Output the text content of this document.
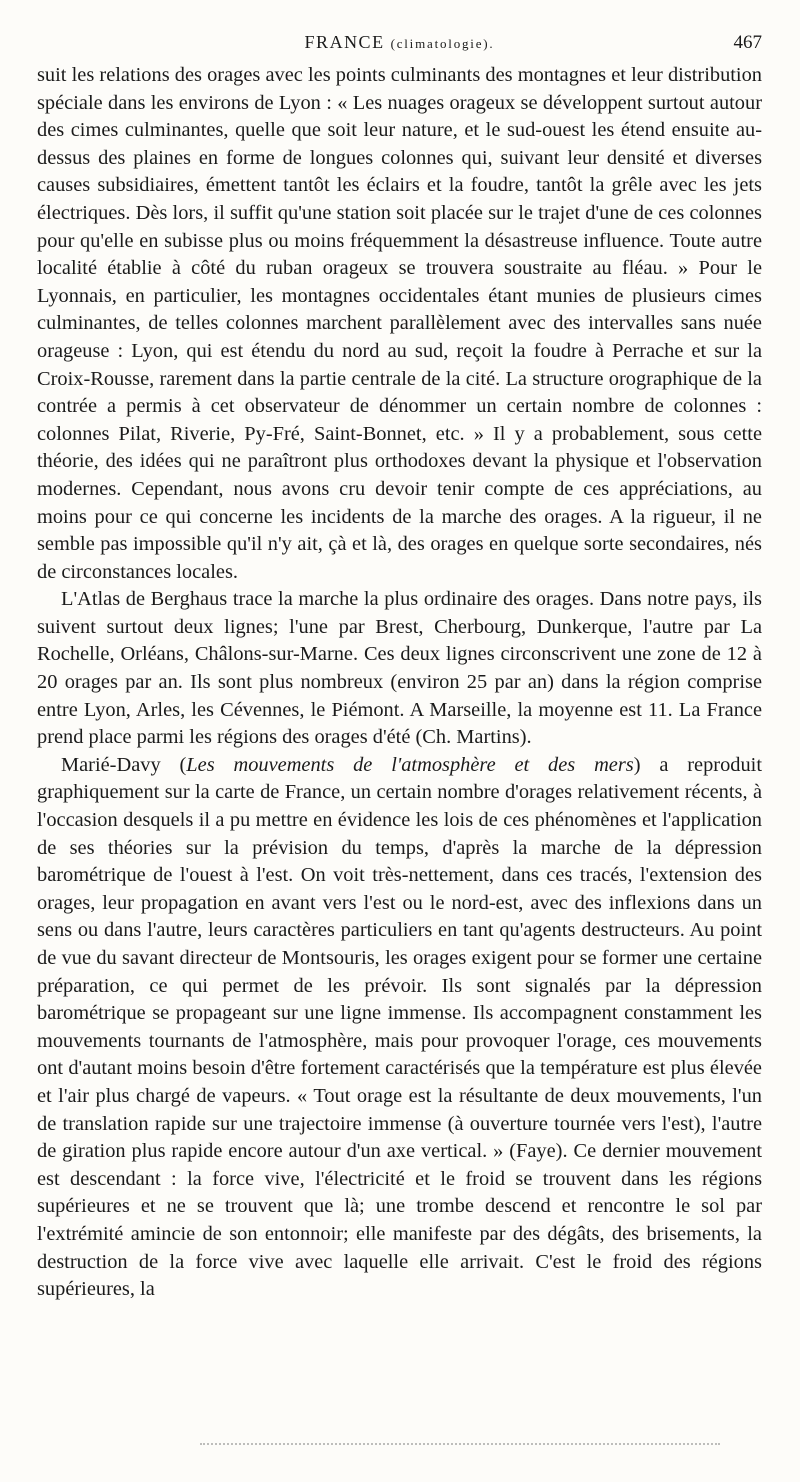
FRANCE (climatologie).	467

suit les relations des orages avec les points culminants des montagnes et leur distribution spéciale dans les environs de Lyon : « Les nuages orageux se développent surtout autour des cimes culminantes, quelle que soit leur nature, et le sud-ouest les étend ensuite au-dessus des plaines en forme de longues colonnes qui, suivant leur densité et diverses causes subsidiaires, émettent tantôt les éclairs et la foudre, tantôt la grêle avec les jets électriques. Dès lors, il suffit qu'une station soit placée sur le trajet d'une de ces colonnes pour qu'elle en subisse plus ou moins fréquemment la désastreuse influence. Toute autre localité établie à côté du ruban orageux se trouvera soustraite au fléau. » Pour le Lyonnais, en particulier, les montagnes occidentales étant munies de plusieurs cimes culminantes, de telles colonnes marchent parallèlement avec des intervalles sans nuée orageuse : Lyon, qui est étendu du nord au sud, reçoit la foudre à Perrache et sur la Croix-Rousse, rarement dans la partie centrale de la cité. La structure orographique de la contrée a permis à cet observateur de dénommer un certain nombre de colonnes : colonnes Pilat, Riverie, Py-Fré, Saint-Bonnet, etc. » Il y a probablement, sous cette théorie, des idées qui ne paraîtront plus orthodoxes devant la physique et l'observation modernes. Cependant, nous avons cru devoir tenir compte de ces appréciations, au moins pour ce qui concerne les incidents de la marche des orages. A la rigueur, il ne semble pas impossible qu'il n'y ait, çà et là, des orages en quelque sorte secondaires, nés de circonstances locales.

L'Atlas de Berghaus trace la marche la plus ordinaire des orages. Dans notre pays, ils suivent surtout deux lignes; l'une par Brest, Cherbourg, Dunkerque, l'autre par La Rochelle, Orléans, Châlons-sur-Marne. Ces deux lignes circonscrivent une zone de 12 à 20 orages par an. Ils sont plus nombreux (environ 25 par an) dans la région comprise entre Lyon, Arles, les Cévennes, le Piémont. A Marseille, la moyenne est 11. La France prend place parmi les régions des orages d'été (Ch. Martins).

Marié-Davy (Les mouvements de l'atmosphère et des mers) a reproduit graphiquement sur la carte de France, un certain nombre d'orages relativement récents, à l'occasion desquels il a pu mettre en évidence les lois de ces phénomènes et l'application de ses théories sur la prévision du temps, d'après la marche de la dépression barométrique de l'ouest à l'est. On voit très-nettement, dans ces tracés, l'extension des orages, leur propagation en avant vers l'est ou le nord-est, avec des inflexions dans un sens ou dans l'autre, leurs caractères particuliers en tant qu'agents destructeurs. Au point de vue du savant directeur de Montsouris, les orages exigent pour se former une certaine préparation, ce qui permet de les prévoir. Ils sont signalés par la dépression barométrique se propageant sur une ligne immense. Ils accompagnent constamment les mouvements tournants de l'atmosphère, mais pour provoquer l'orage, ces mouvements ont d'autant moins besoin d'être fortement caractérisés que la température est plus élevée et l'air plus chargé de vapeurs. « Tout orage est la résultante de deux mouvements, l'un de translation rapide sur une trajectoire immense (à ouverture tournée vers l'est), l'autre de giration plus rapide encore autour d'un axe vertical. » (Faye). Ce dernier mouvement est descendant : la force vive, l'électricité et le froid se trouvent dans les régions supérieures et ne se trouvent que là; une trombe descend et rencontre le sol par l'extrémité amincie de son entonnoir; elle manifeste par des dégâts, des brisements, la destruction de la force vive avec laquelle elle arrivait. C'est le froid des régions supérieures, la
